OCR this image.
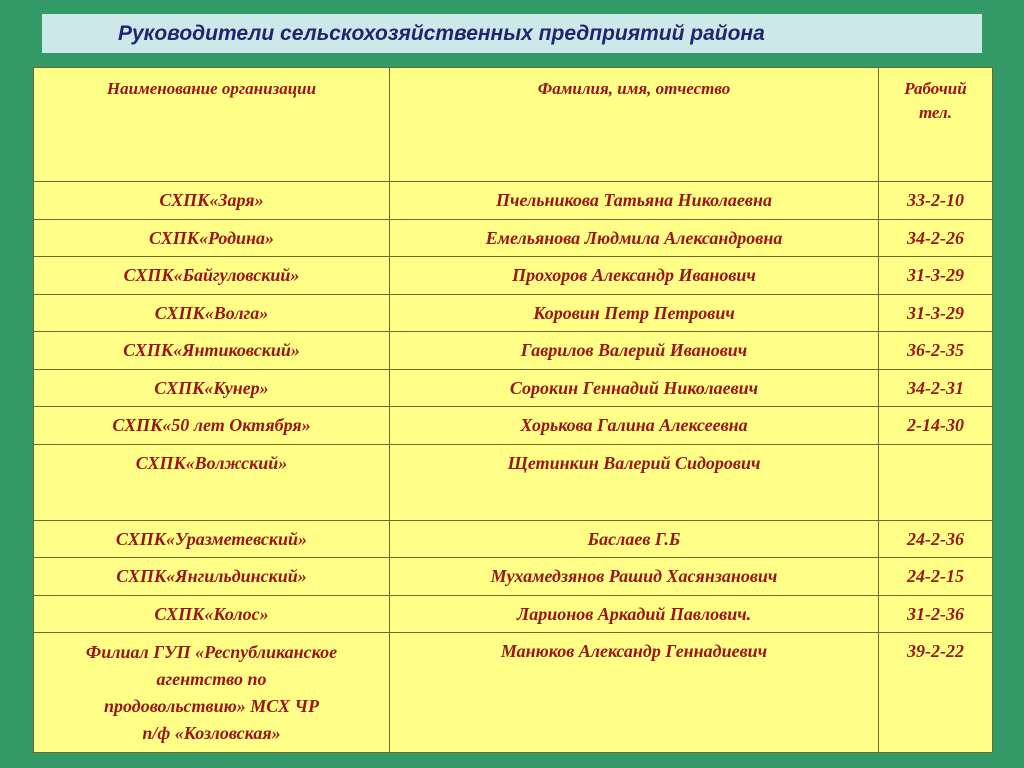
Руководители сельскохозяйственных предприятий района
Наименование организации	Фамилия, имя, отчество	Рабочий
тел.
СХПК«Заря»	Пчельникова Татьяна Николаевна	33-2-10
СХПК«Родина»	Емельянова Людмила Александровна	34-2-26
СХПК«Байгуловский»	Прохоров Александр Иванович	31-3-29
СХПК«Волга»	Коровин Петр Петрович	31-3-29
СХПК«Янтиковский»	Гаврилов Валерий Иванович	36-2-35
СХПК«Кунер»	Сорокин Геннадий Николаевич	34-2-31
СХПК«50 лет Октября»	Хорькова Галина Алексеевна	2-14-30
СХПК«Волжский»	Щетинкин Валерий Сидорович	
СХПК«Уразметевский»	Баслаев Г.Б	24-2-36
СХПК«Янгильдинский»	Мухамедзянов Рашид Хасянзанович	24-2-15
СХПК«Колос»	Ларионов Аркадий Павлович.	31-2-36
Филиал ГУП «Республиканское
агентство по
продовольствию» МСХ ЧР
п/ф «Козловская»	Манюков Александр Геннадиевич	39-2-22
